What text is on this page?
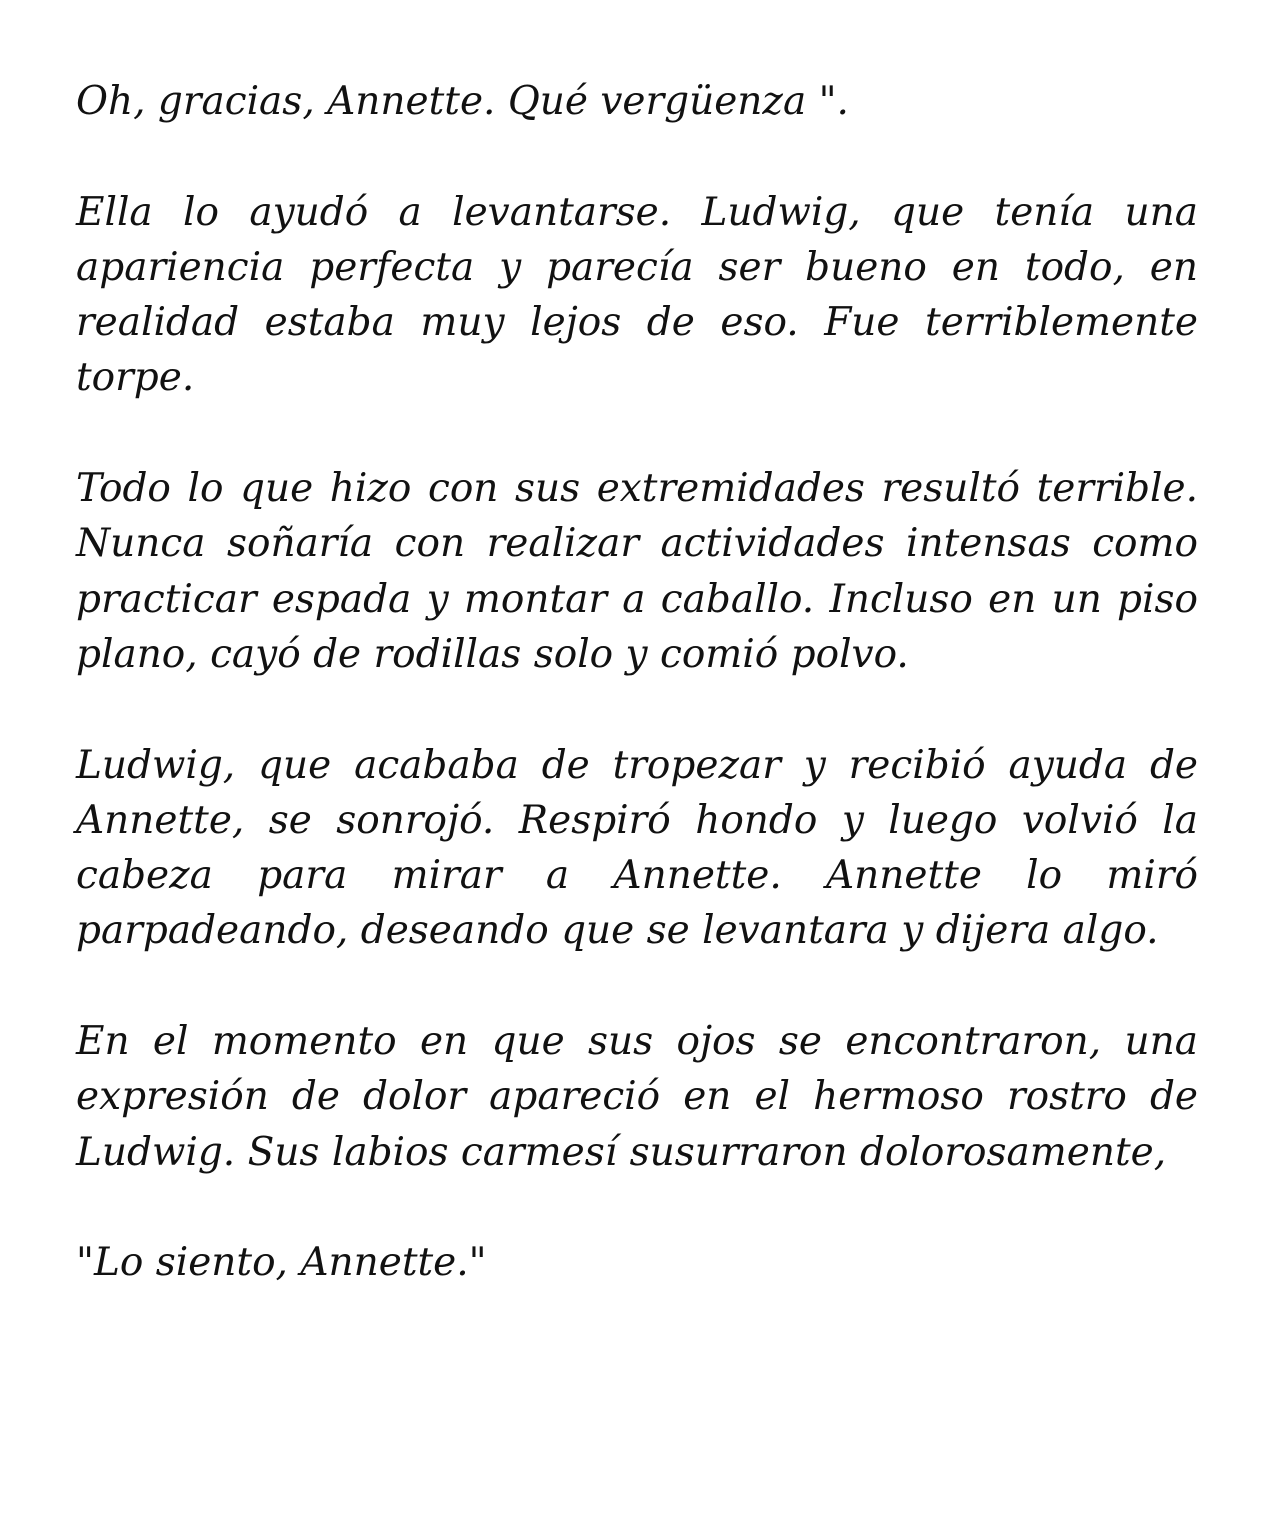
Oh, gracias, Annette. Qué vergüenza ".

Ella lo ayudó a levantarse. Ludwig, que tenía una apariencia perfecta y parecía ser bueno en todo, en realidad estaba muy lejos de eso. Fue terriblemente torpe.

Todo lo que hizo con sus extremidades resultó terrible. Nunca soñaría con realizar actividades intensas como practicar espada y montar a caballo. Incluso en un piso plano, cayó de rodillas solo y comió polvo.

Ludwig, que acababa de tropezar y recibió ayuda de Annette, se sonrojó. Respiró hondo y luego volvió la cabeza para mirar a Annette. Annette lo miró parpadeando, deseando que se levantara y dijera algo.

En el momento en que sus ojos se encontraron, una expresión de dolor apareció en el hermoso rostro de Ludwig. Sus labios carmesí susurraron dolorosamente,

"Lo siento, Annette."
